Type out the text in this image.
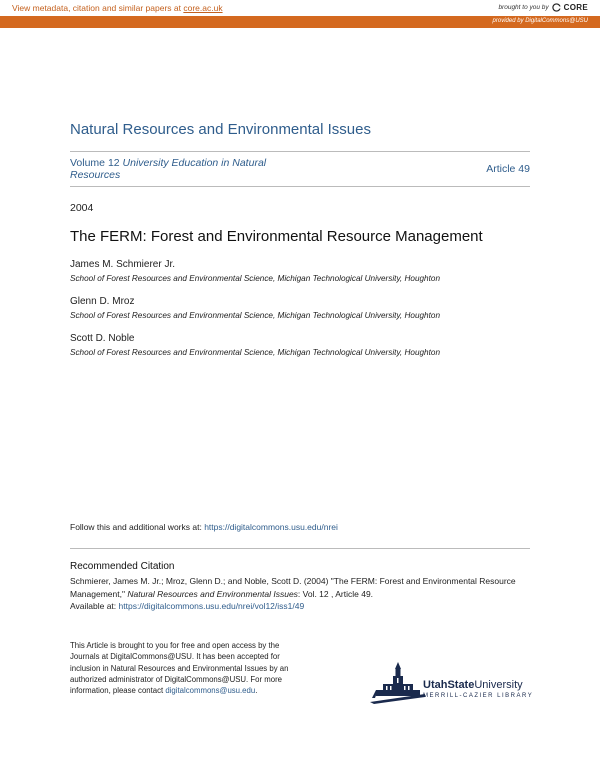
View metadata, citation and similar papers at core.ac.uk	brought to you by CORE
provided by DigitalCommons@USU
Natural Resources and Environmental Issues
Volume 12 University Education in Natural Resources	Article 49
2004
The FERM: Forest and Environmental Resource Management
James M. Schmierer Jr.
School of Forest Resources and Environmental Science, Michigan Technological University, Houghton
Glenn D. Mroz
School of Forest Resources and Environmental Science, Michigan Technological University, Houghton
Scott D. Noble
School of Forest Resources and Environmental Science, Michigan Technological University, Houghton
Follow this and additional works at: https://digitalcommons.usu.edu/nrei
Recommended Citation
Schmierer, James M. Jr.; Mroz, Glenn D.; and Noble, Scott D. (2004) "The FERM: Forest and Environmental Resource Management," Natural Resources and Environmental Issues: Vol. 12 , Article 49.
Available at: https://digitalcommons.usu.edu/nrei/vol12/iss1/49
This Article is brought to you for free and open access by the Journals at DigitalCommons@USU. It has been accepted for inclusion in Natural Resources and Environmental Issues by an authorized administrator of DigitalCommons@USU. For more information, please contact digitalcommons@usu.edu.	UtahStateUniversity
MERRILL-CAZIER LIBRARY
